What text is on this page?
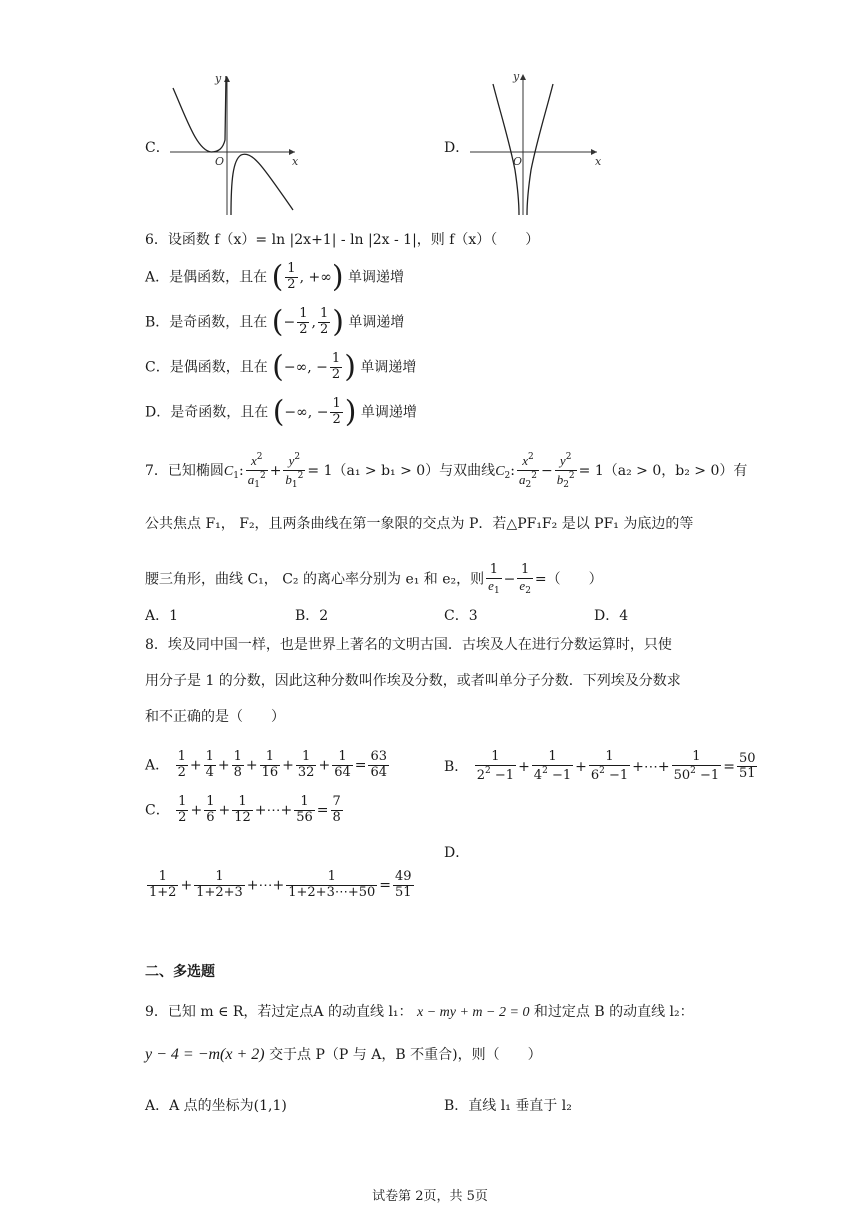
C．
x
y
O
D．
x
y
O
6．设函数 f（x）= ln |2x+1| - ln |2x - 1|，则 f（x）（　　）
A．是偶函数，且在 ( $\frac{1}{2}$ , +∞) 单调递增
B．是奇函数，且在 (− $\frac{1}{2}$ , $\frac{1}{2}$ ) 单调递增
C．是偶函数，且在 (−∞, − $\frac{1}{2}$ ) 单调递增
D．是奇函数，且在 (−∞, − $\frac{1}{2}$ ) 单调递增
7．已知椭圆$C_1$: $\frac{x^2}{a_1^2} + \frac{y^2}{b_1^2} = 1(a_1 > b_1 > 0)$与双曲线$C_2$: $\frac{x^2}{a_2^2} - \frac{y^2}{b_2^2} = 1(a_2 > 0$，b₂ > 0）有
公共焦点 F₁， F₂，且两条曲线在第一象限的交点为 P．若△PF₁F₂ 是以 PF₁ 为底边的等
腰三角形，曲线 C₁， C₂ 的离心率分别为 e₁ 和 e₂，则 $\frac{1}{e_1} - \frac{1}{e_2}$ =（　　）
A．1	B．2	C．3	D．4
8．埃及同中国一样，也是世界上著名的文明古国．古埃及人在进行分数运算时，只使
用分子是 1 的分数，因此这种分数叫作埃及分数，或者叫单分子分数．下列埃及分数求
和不正确的是（　　）
A． $\frac{1}{2} + \frac{1}{4} + \frac{1}{8} + \frac{1}{16} + \frac{1}{32} + \frac{1}{64} = \frac{63}{64}$	B． $\frac{1}{2^2 -1} + \frac{1}{4^2 -1} + \frac{1}{6^2 -1}$ +⋯+ $\frac{1}{50^2 -1} = \frac{50}{51}$
C． $\frac{1}{2} + \frac{1}{6} + \frac{1}{12}$ +⋯+ $\frac{1}{56} = \frac{7}{8}$
D．
$\frac{1}{1+2} + \frac{1}{1+2+3}$ +⋯+ $\frac{1}{1+2+3\cdots+50} = \frac{49}{51}$
二、多选题
9．已知 m ∈ R，若过定点A 的动直线 l₁： x − my + m − 2 = 0 和过定点 B 的动直线 l₂：
y − 4 = −m(x + 2) 交于点 P（P 与 A，B 不重合)，则（　　）
A．A 点的坐标为(1,1)	B．直线 l₁ 垂直于 l₂
试卷第 2页，共 5页
